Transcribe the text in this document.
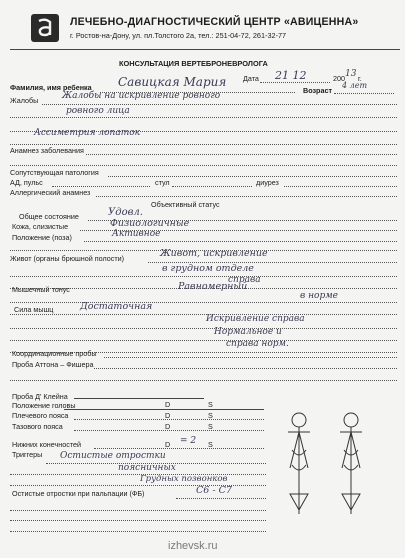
ЛЕЧЕБНО-ДИАГНОСТИЧЕСКИЙ ЦЕНТР «АВИЦЕННА»
г. Ростов-на-Дону, ул. пл.Толстого 2а, тел.: 251-04-72, 261-32-77
КОНСУЛЬТАЦИЯ ВЕРТЕБРОНЕВРОЛОГА
Дата 21 12	200 13 г.
Фамилия, имя ребенка Савицкая Мария
Возраст
4 лет
Жалобы	Жалобы на искривление ровного
ровного лица
Ассиметрия лопаток
Анамнез заболевания
Сопутствующая патология
АД, пульс	стул	диурез
Аллергический анамнез
Объективный статус
Общее состояние	Удовл.
Кожа, слизистые	Физиологичные
Положение (поза)	Активное
Живот (органы брюшной полости)	Живот, искривление
в грудном отделе
справа
Мышечный тонус	Равномерный
в норме
Сила мышц	Достаточная
Искривление справа
Нормальное и
справа норм.
Координационные пробы
Проба Аттона – Фишера
Проба Д' Клейна
Положение головы	D	S
Плечевого пояса	D	S
Тазового пояса	D	S
Нижних конечностей	D = 2 S
Триггеры Остистые отростки
поясничных
Грудных позвонков
Остистые отростки при пальпации (ФБ)	С6 - С7
izhevsk.ru
